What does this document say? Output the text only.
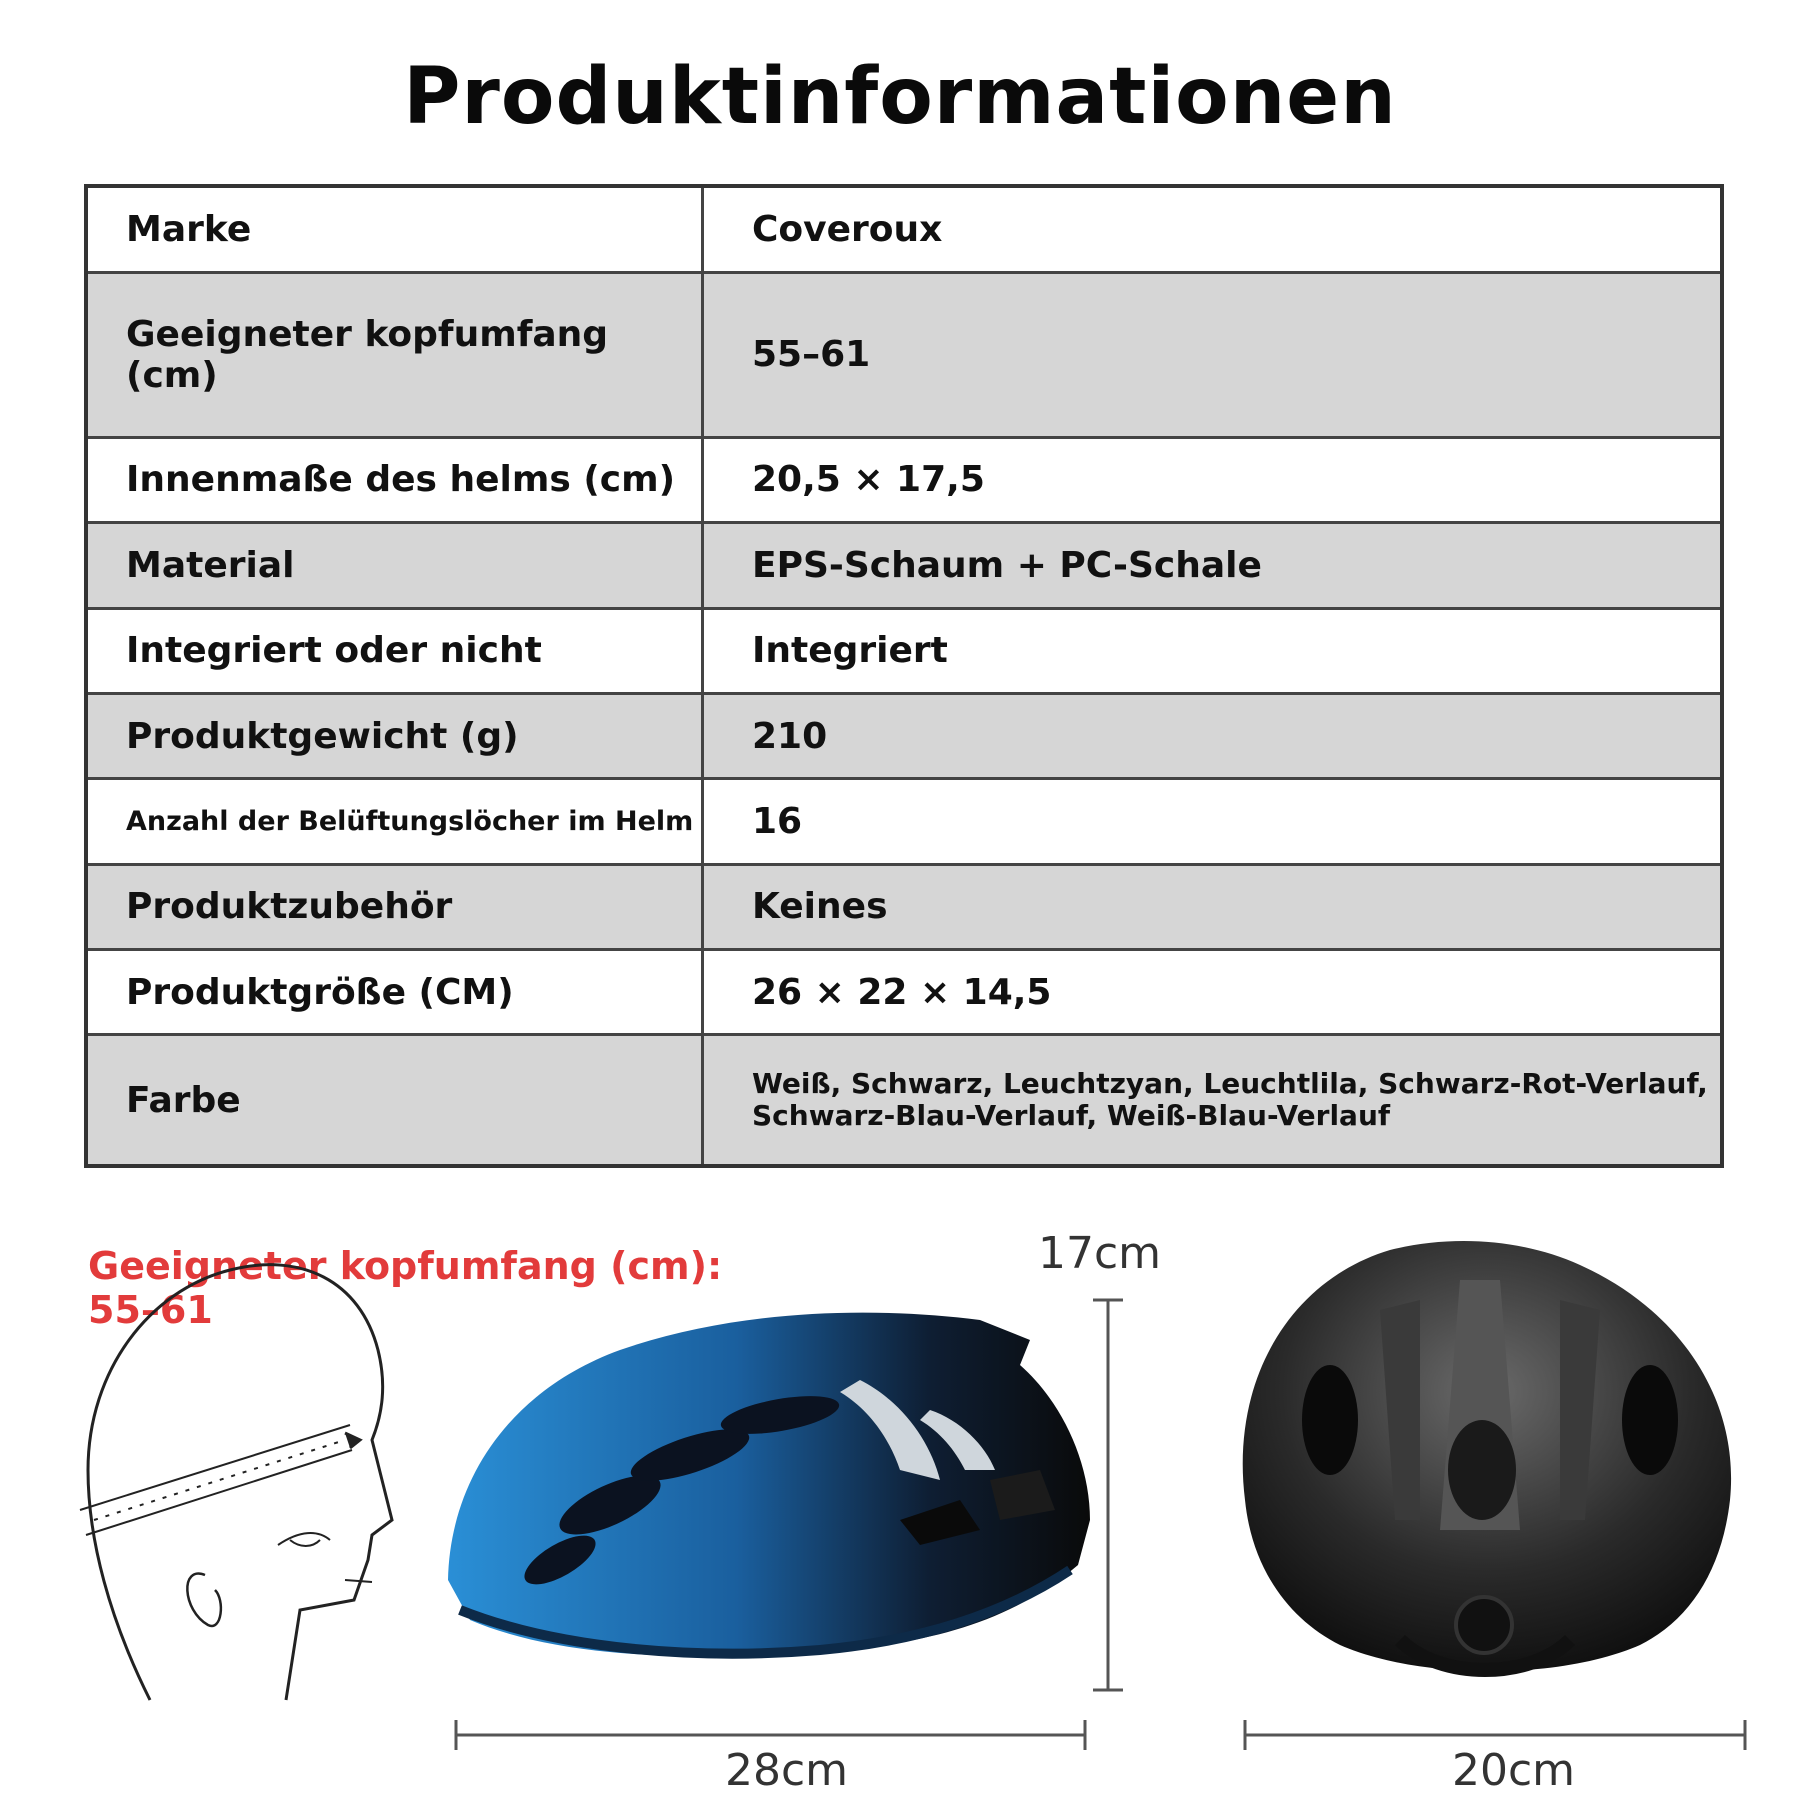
Produktinformationen
Marke	Coveroux
Geeigneter kopfumfang (cm)	55–61
Innenmaße des helms (cm)	20,5 × 17,5
Material	EPS-Schaum + PC-Schale
Integriert oder nicht	Integriert
Produktgewicht (g)	210
Anzahl der Belüftungslöcher im Helm	16
Produktzubehör	Keines
Produktgröße (CM)	26 × 22 × 14,5
Farbe	Weiß, Schwarz, Leuchtzyan, Leuchtlila, Schwarz-Rot-Verlauf,
Schwarz-Blau-Verlauf, Weiß-Blau-Verlauf
Geeigneter kopfumfang (cm):
55–61
17cm
28cm	20cm
